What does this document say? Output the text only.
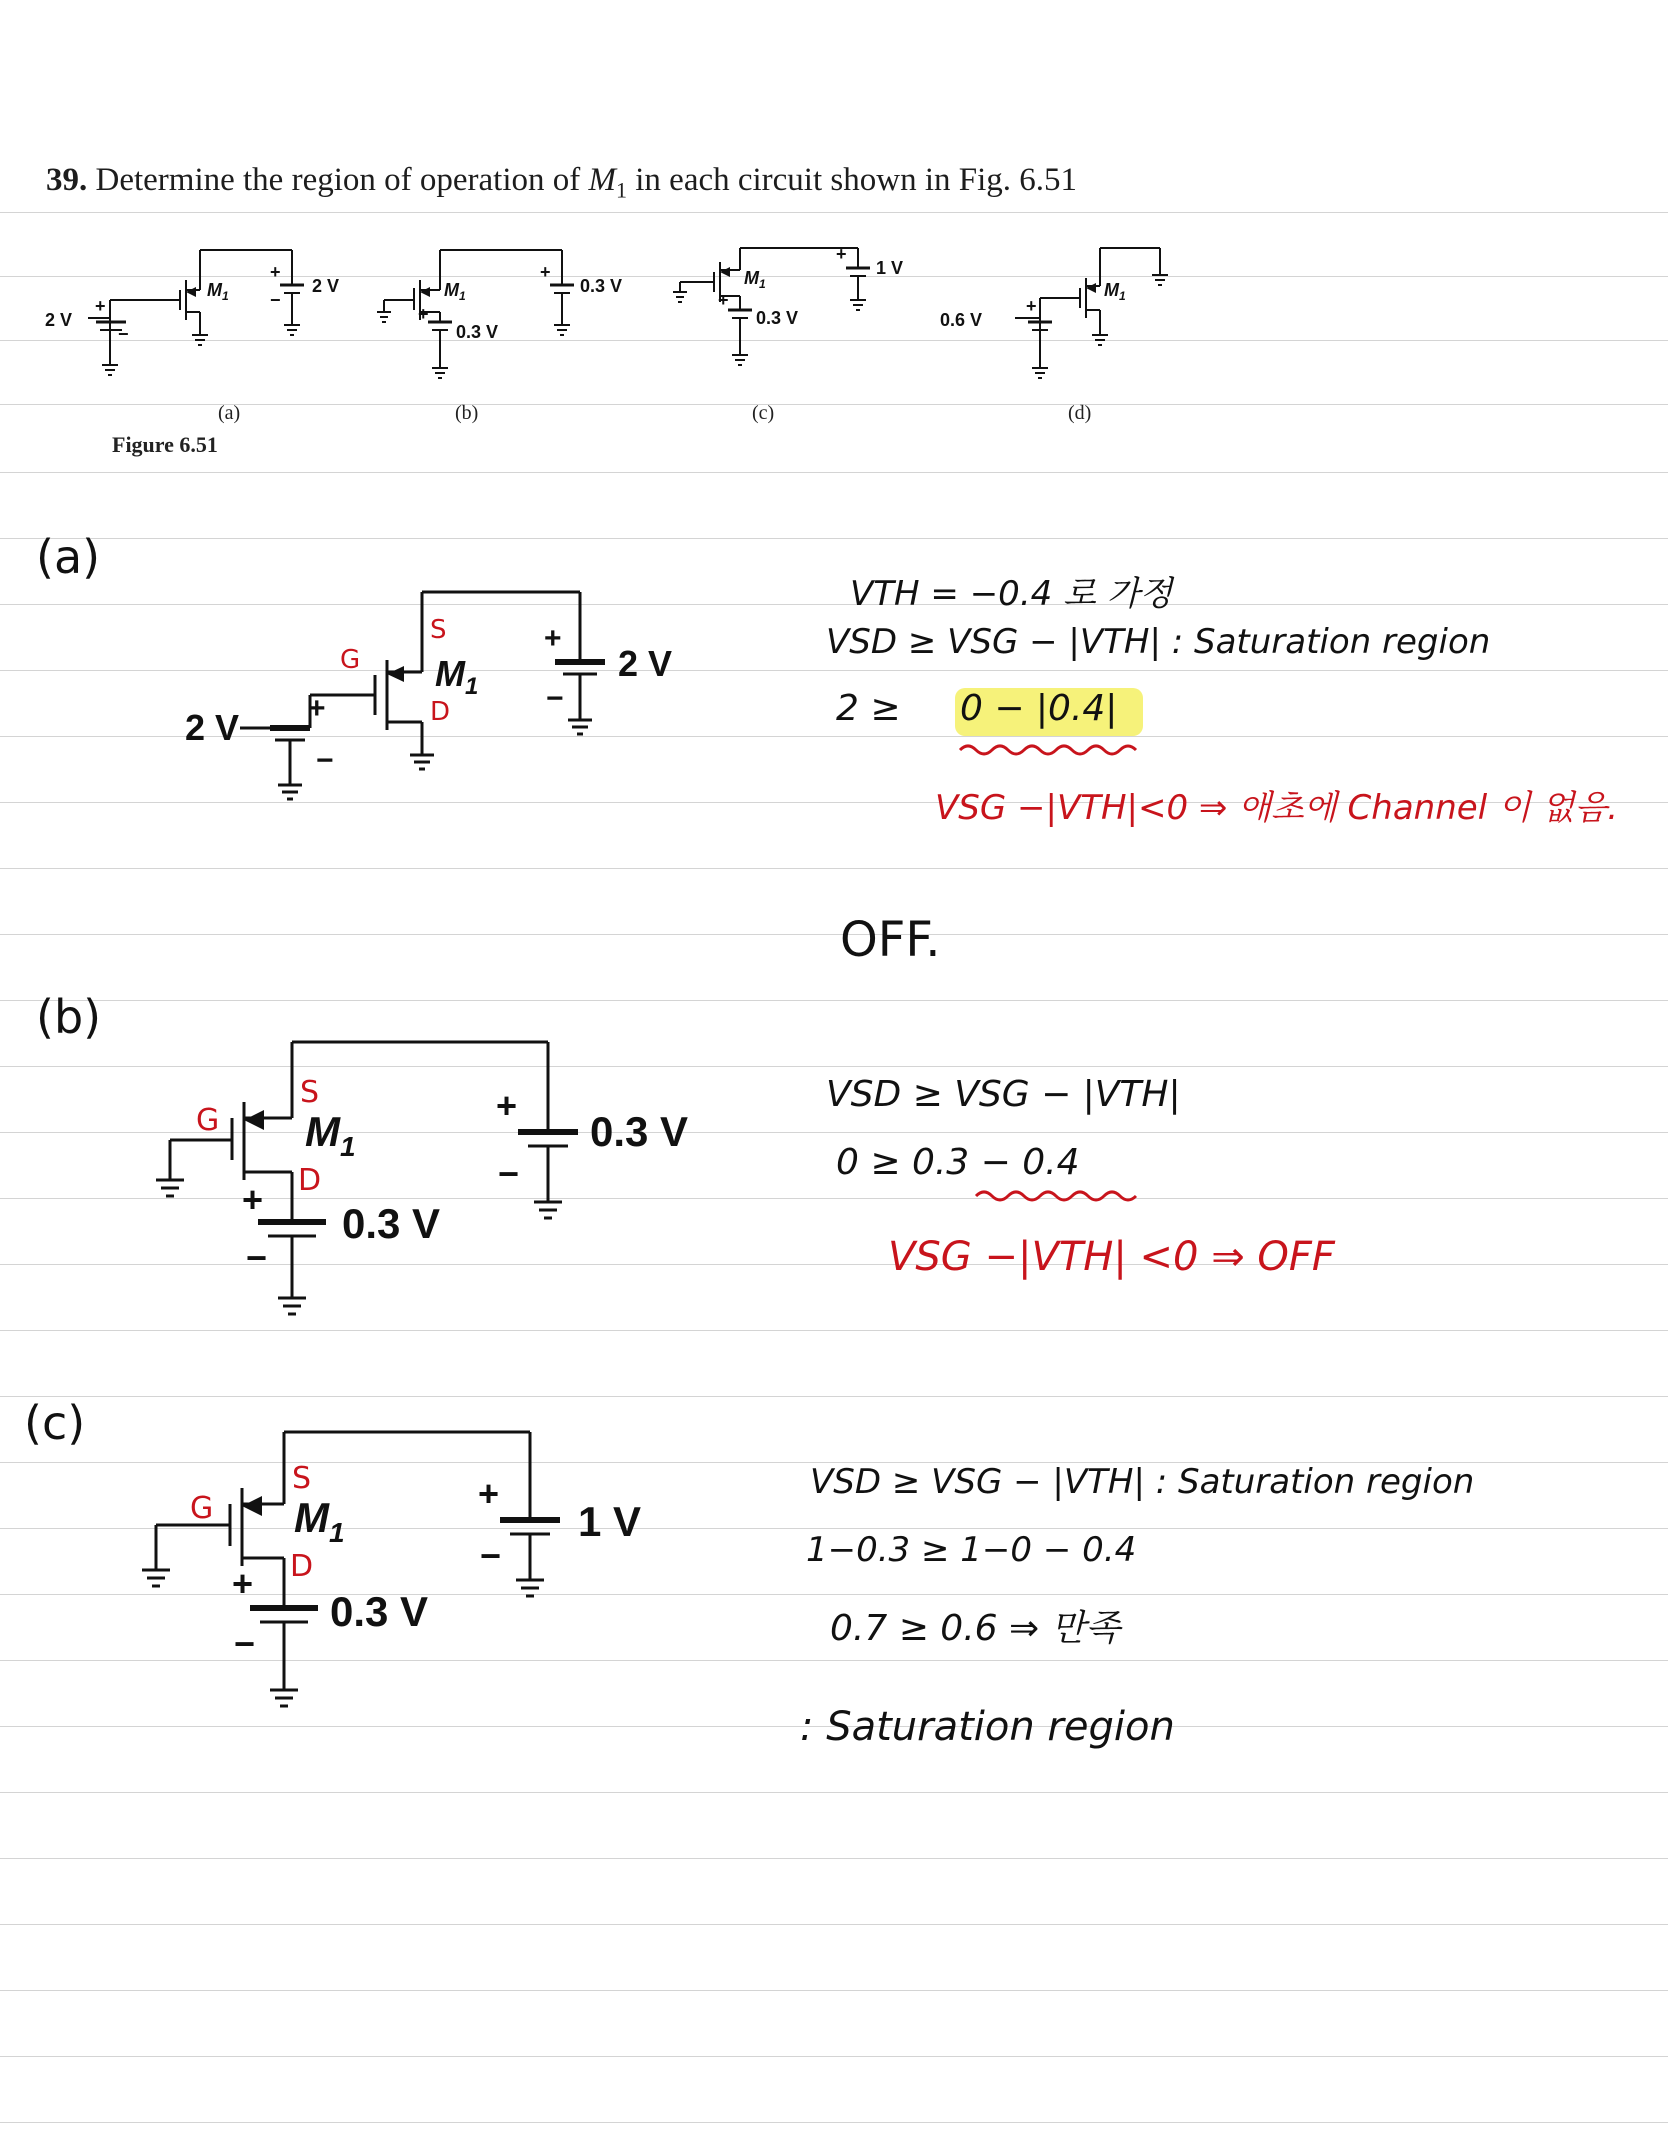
39. Determine the region of operation of $M_1$ in each circuit shown in Fig. 6.51
2 V
+
−
$M_1$	2 V
+
−	$M_1$
0.3 V
+
0.3 V
+	$M_1$
0.3 V
+
1 V
+
0.6 V
+
$M_1$
(a)	(b)	(c)	(d)
Figure 6.51
(a)
2 V +
−
$M_1$
2 V
+
−
G
S
D
VTH = −0.4 로 가정
VSD ≥ VSG − |VTH| : Saturation region
2 ≥ 0 − |0.4|
VSG −|VTH|<0 ⇒ 애초에 Channel 이 없음.
OFF.
(b)
$M_1$
0.3 V
+
−
0.3 V
+
−
G
S
D
VSD ≥ VSG − |VTH|
0 ≥ 0.3 − 0.4
VSG −|VTH| <0 ⇒ OFF
(c)
$M_1$
0.3 V
+
−
1 V
+
−
G
S
D
VSD ≥ VSG − |VTH| : Saturation region
1−0.3 ≥ 1−0 − 0.4
0.7 ≥ 0.6 ⇒ 만족
: Saturation region
